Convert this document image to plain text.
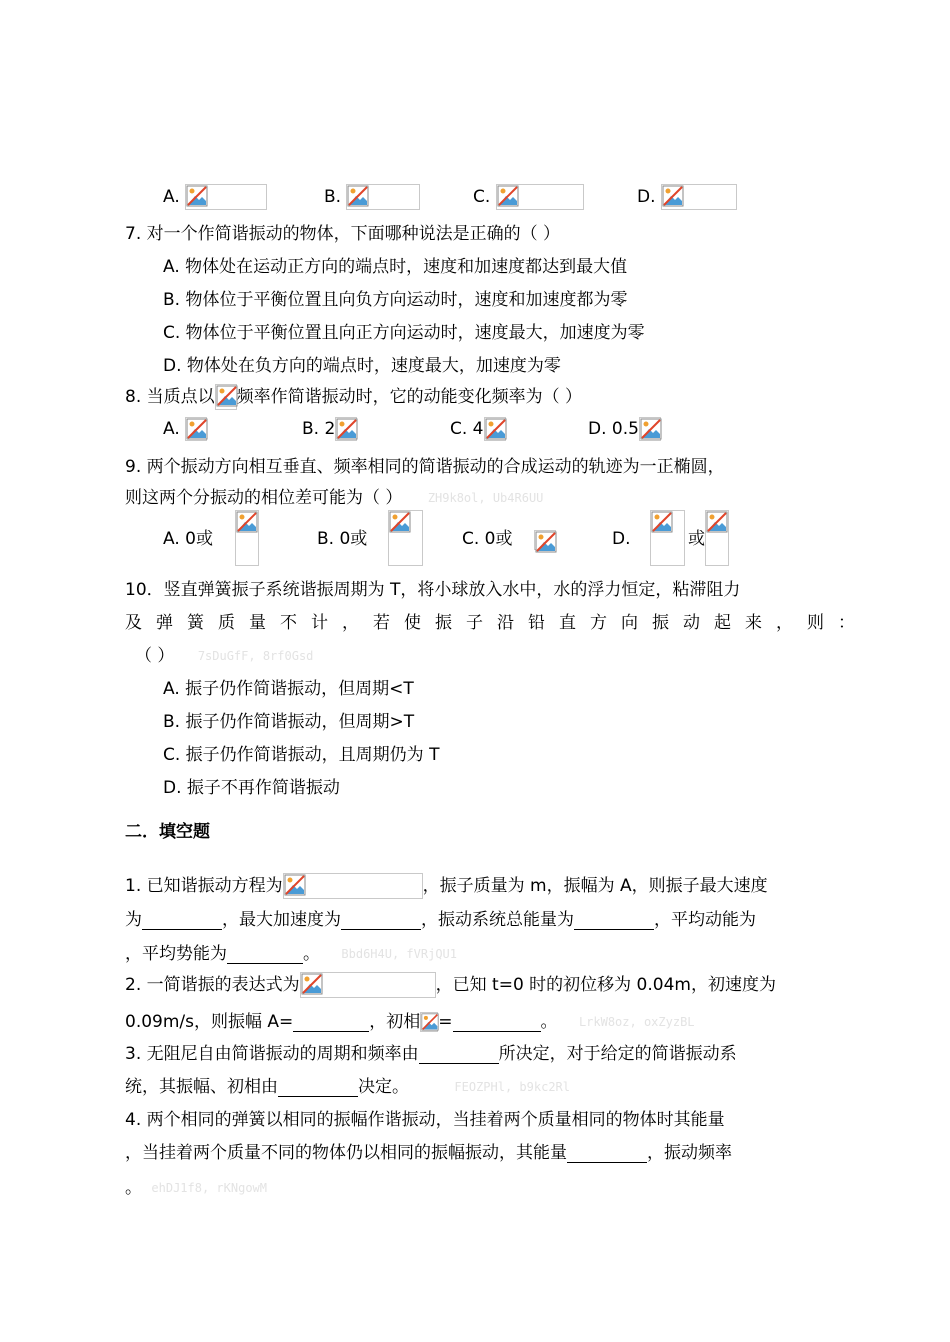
A.	B.	C.	D.
7. 对一个作简谐振动的物体，下面哪种说法是正确的（ ）
A. 物体处在运动正方向的端点时，速度和加速度都达到最大值
B. 物体位于平衡位置且向负方向运动时，速度和加速度都为零
C. 物体位于平衡位置且向正方向运动时，速度最大，加速度为零
D. 物体处在负方向的端点时，速度最大，加速度为零
8. 当质点以 频率作简谐振动时，它的动能变化频率为（ ）
A.	B. 2	C. 4	D. 0.5
9. 两个振动方向相互垂直、频率相同的简谐振动的合成运动的轨迹为一正椭圆，
则这两个分振动的相位差可能为（ ） ZH9k8ol, Ub4R6UU
A. 0或	B. 0或	C. 0或	D.	或
10．竖直弹簧振子系统谐振周期为 T，将小球放入水中，水的浮力恒定，粘滞阻力
及弹簧质量不计，若使振子沿铅直方向振动起来，则：
（ ） 7sDuGfF, 8rf0Gsd
A. 振子仍作简谐振动，但周期<T
B. 振子仍作简谐振动，但周期>T
C. 振子仍作简谐振动，且周期仍为 T
D. 振子不再作简谐振动
二．填空题
1. 已知谐振动方程为	，振子质量为 m，振幅为 A，则振子最大速度
为	，最大加速度为	，振动系统总能量为	，平均动能为
，平均势能为	。 Bbd6H4U, fVRjQU1
2. 一简谐振的表达式为	，已知 t=0 时的初位移为 0.04m，初速度为
0.09m/s，则振幅 A=	，初相 =	。 LrkW8oz, oxZyzBL
3. 无阻尼自由简谐振动的周期和频率由	所决定，对于给定的简谐振动系
统，其振幅、初相由	决定。	FEOZPHl, b9kc2Rl
4. 两个相同的弹簧以相同的振幅作谐振动，当挂着两个质量相同的物体时其能量
，当挂着两个质量不同的物体仍以相同的振幅振动，其能量	，振动频率
。 ehDJ1f8, rKNgowM
